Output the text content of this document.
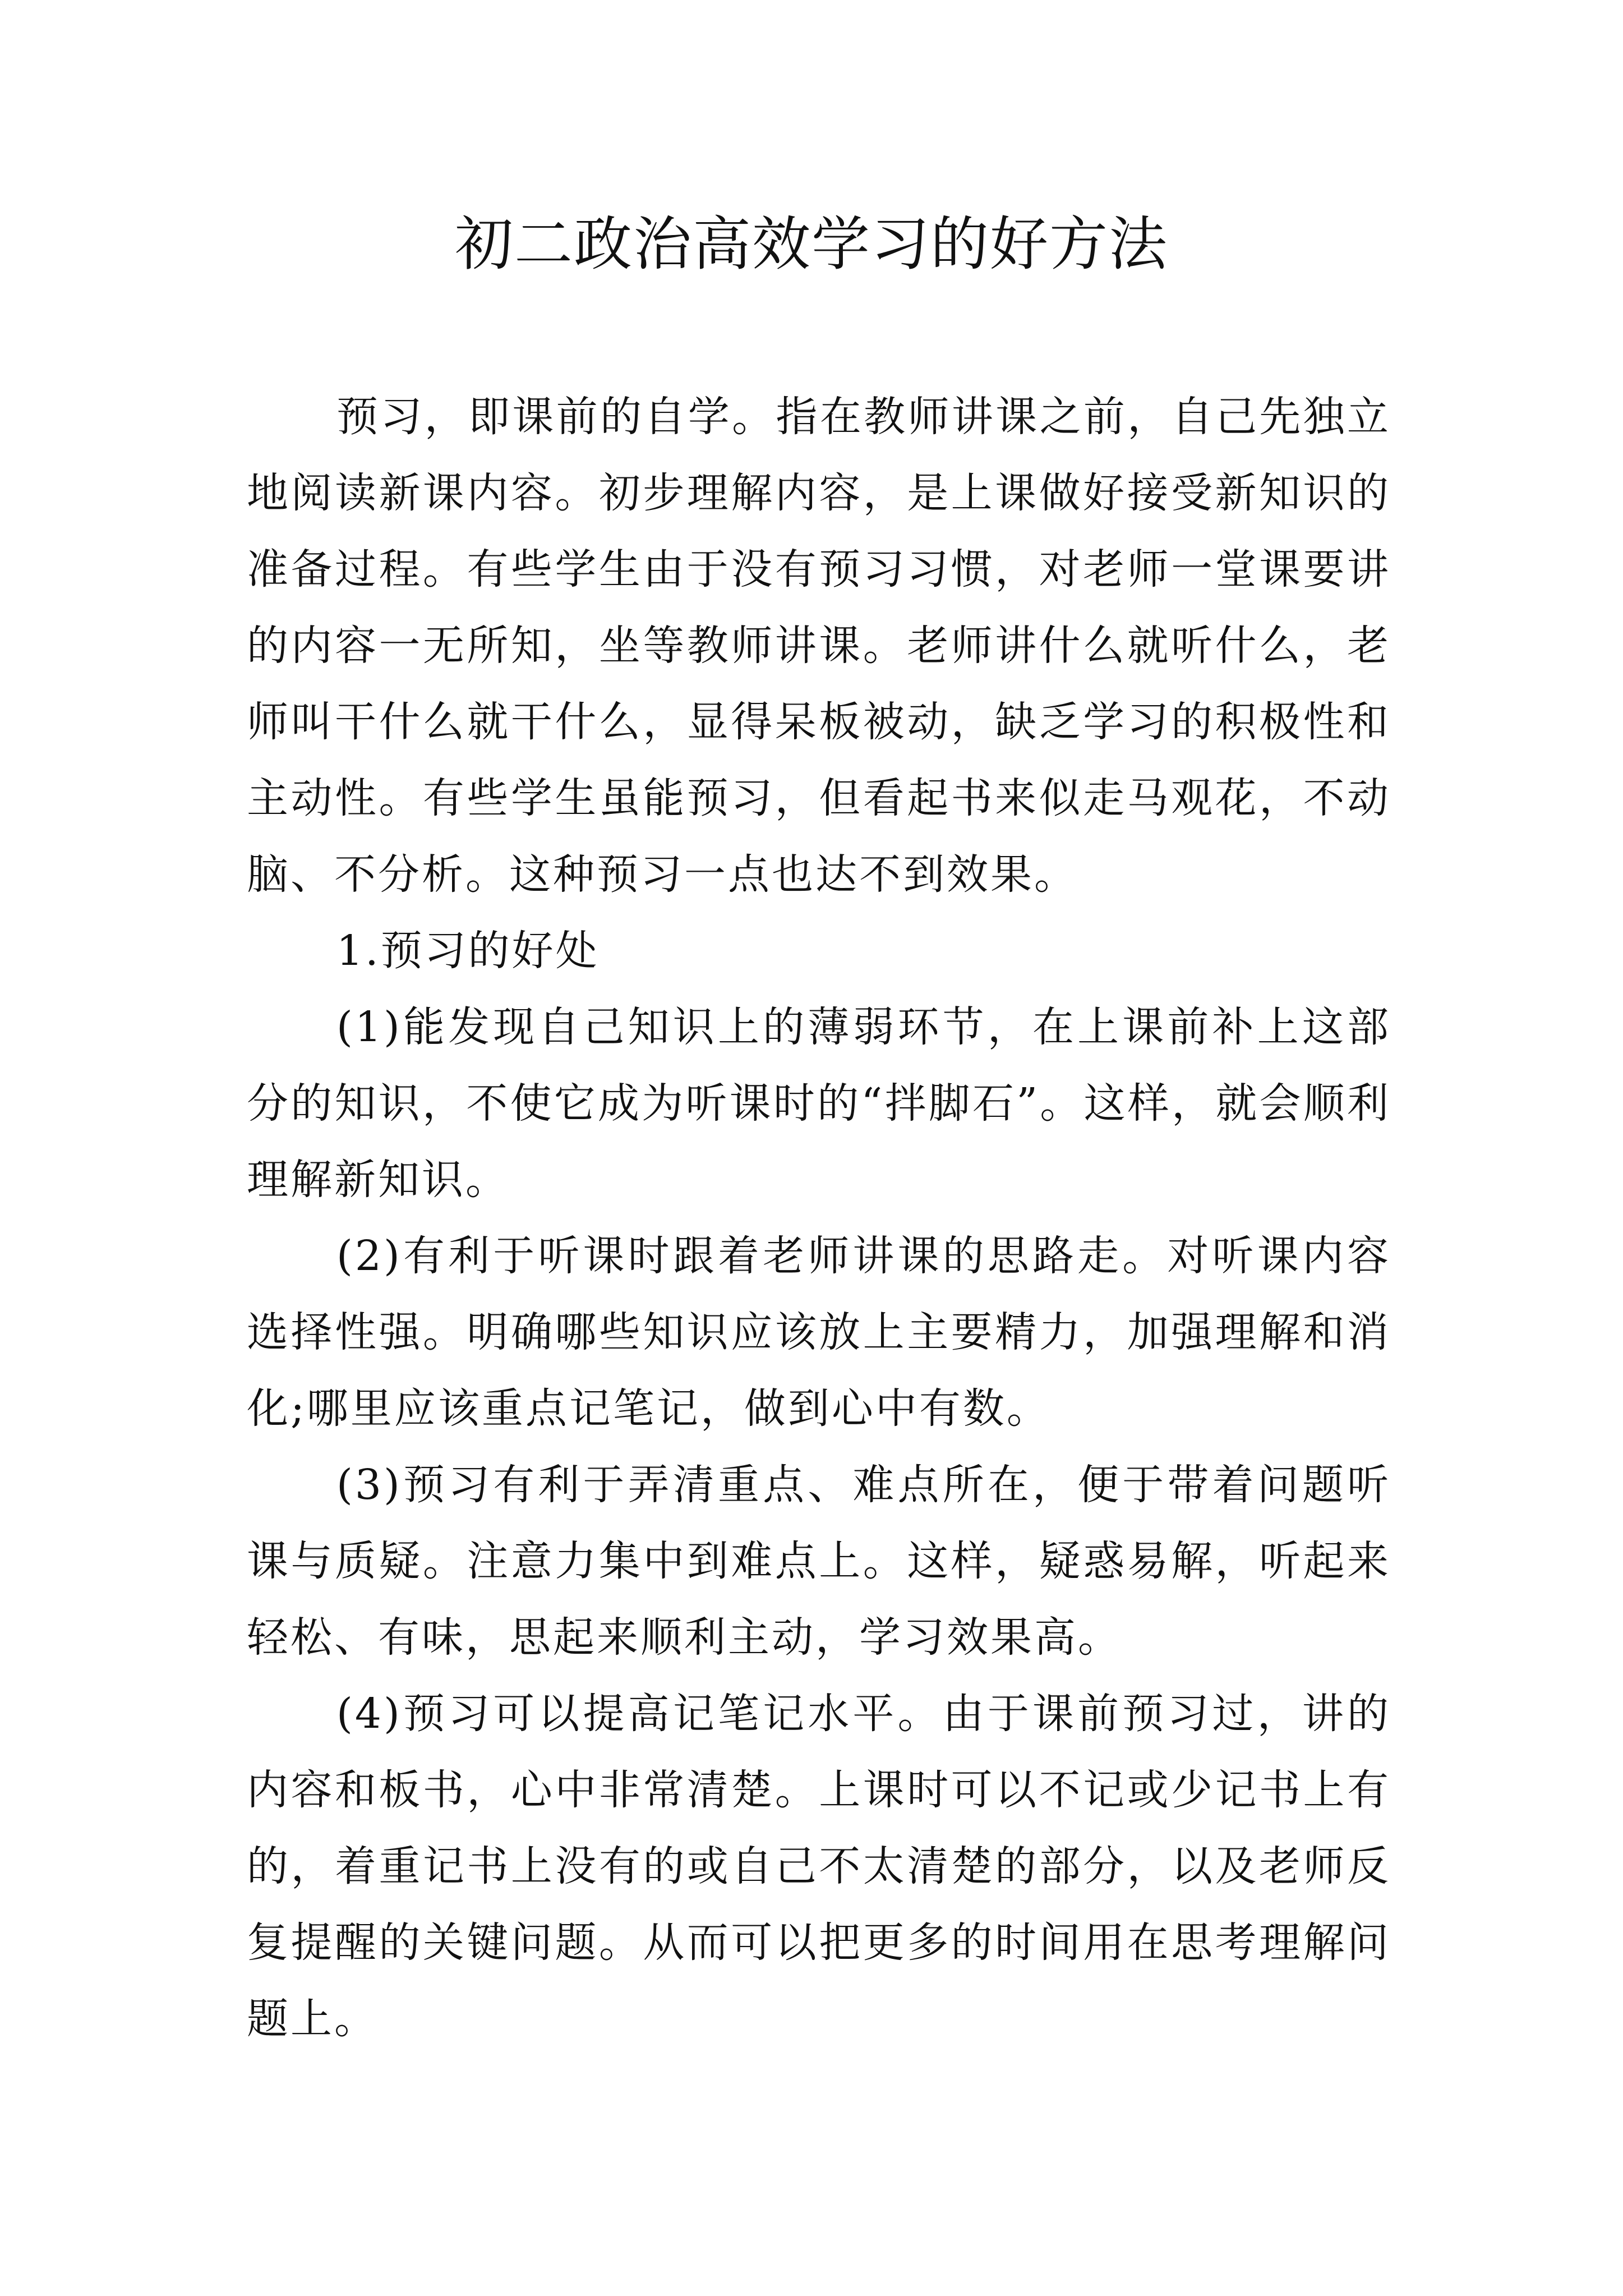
初二政治高效学习的好方法

预习，即课前的自学。指在教师讲课之前，自己先独立地阅读新课内容。初步理解内容，是上课做好接受新知识的准备过程。有些学生由于没有预习习惯，对老师一堂课要讲的内容一无所知，坐等教师讲课。老师讲什么就听什么，老师叫干什么就干什么，显得呆板被动，缺乏学习的积极性和主动性。有些学生虽能预习，但看起书来似走马观花，不动脑、不分析。这种预习一点也达不到效果。

1.预习的好处

(1)能发现自己知识上的薄弱环节，在上课前补上这部分的知识，不使它成为听课时的“拌脚石”。这样，就会顺利理解新知识。

(2)有利于听课时跟着老师讲课的思路走。对听课内容选择性强。明确哪些知识应该放上主要精力，加强理解和消化;哪里应该重点记笔记，做到心中有数。

(3)预习有利于弄清重点、难点所在，便于带着问题听课与质疑。注意力集中到难点上。这样，疑惑易解，听起来轻松、有味，思起来顺利主动，学习效果高。

(4)预习可以提高记笔记水平。由于课前预习过，讲的内容和板书，心中非常清楚。上课时可以不记或少记书上有的，着重记书上没有的或自己不太清楚的部分，以及老师反复提醒的关键问题。从而可以把更多的时间用在思考理解问题上。
